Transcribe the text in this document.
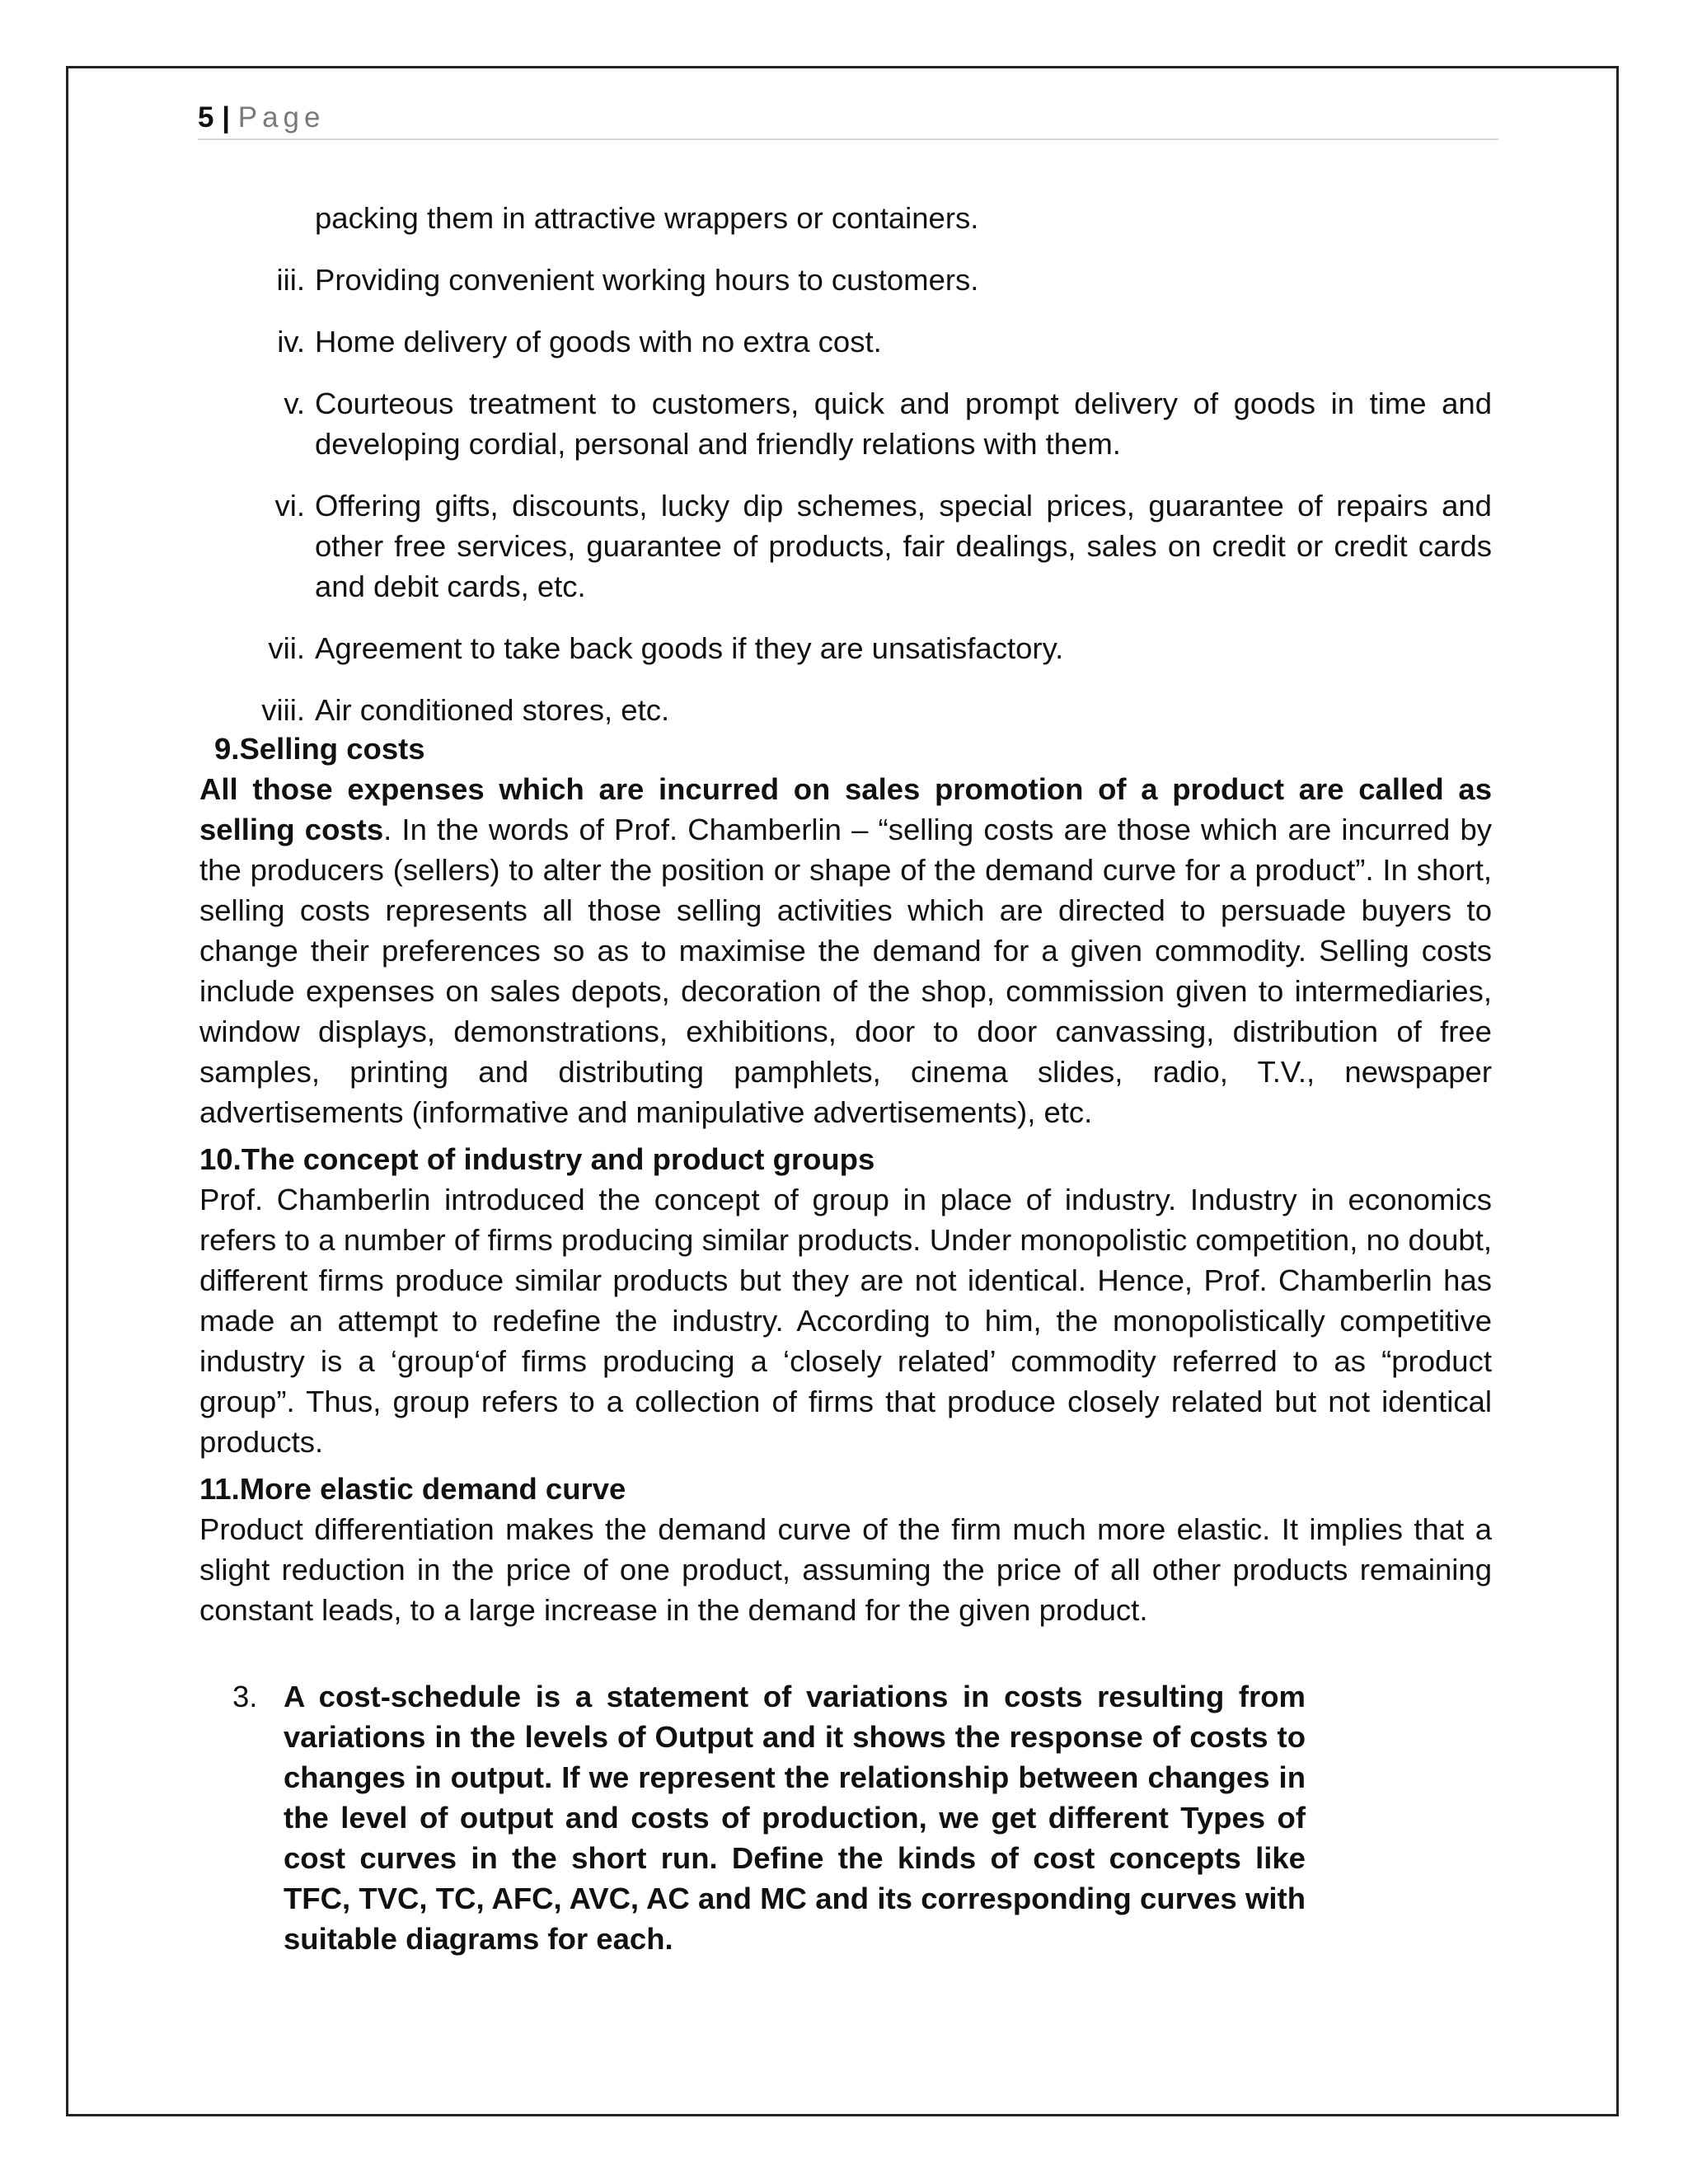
5 | Page
packing them in attractive wrappers or containers.
iii. Providing convenient working hours to customers.
iv. Home delivery of goods with no extra cost.
v. Courteous treatment to customers, quick and prompt delivery of goods in time and developing cordial, personal and friendly relations with them.
vi. Offering gifts, discounts, lucky dip schemes, special prices, guarantee of repairs and other free services, guarantee of products, fair dealings, sales on credit or credit cards and debit cards, etc.
vii. Agreement to take back goods if they are unsatisfactory.
viii. Air conditioned stores, etc.
9.Selling costs

All those expenses which are incurred on sales promotion of a product are called as selling costs. In the words of Prof. Chamberlin – “selling costs are those which are incurred by the producers (sellers) to alter the position or shape of the demand curve for a product”. In short, selling costs represents all those selling activities which are directed to persuade buyers to change their preferences so as to maximise the demand for a given commodity. Selling costs include expenses on sales depots, decoration of the shop, commission given to intermediaries, window displays, demonstrations, exhibitions, door to door canvassing, distribution of free samples, printing and distributing pamphlets, cinema slides, radio, T.V., newspaper advertisements (informative and manipulative advertisements), etc.

10.The concept of industry and product groups

Prof. Chamberlin introduced the concept of group in place of industry. Industry in economics refers to a number of firms producing similar products. Under monopolistic competition, no doubt, different firms produce similar products but they are not identical. Hence, Prof. Chamberlin has made an attempt to redefine the industry. According to him, the monopolistically competitive industry is a ‘group‘of firms producing a ‘closely related’ commodity referred to as “product group”. Thus, group refers to a collection of firms that produce closely related but not identical products.

11.More elastic demand curve

Product differentiation makes the demand curve of the firm much more elastic. It implies that a slight reduction in the price of one product, assuming the price of all other products remaining constant leads, to a large increase in the demand for the given product.

3. A cost-schedule is a statement of variations in costs resulting from variations in the levels of Output and it shows the response of costs to changes in output. If we represent the relationship between changes in the level of output and costs of production, we get different Types of cost curves in the short run. Define the kinds of cost concepts like TFC, TVC, TC, AFC, AVC, AC and MC and its corresponding curves with suitable diagrams for each.
